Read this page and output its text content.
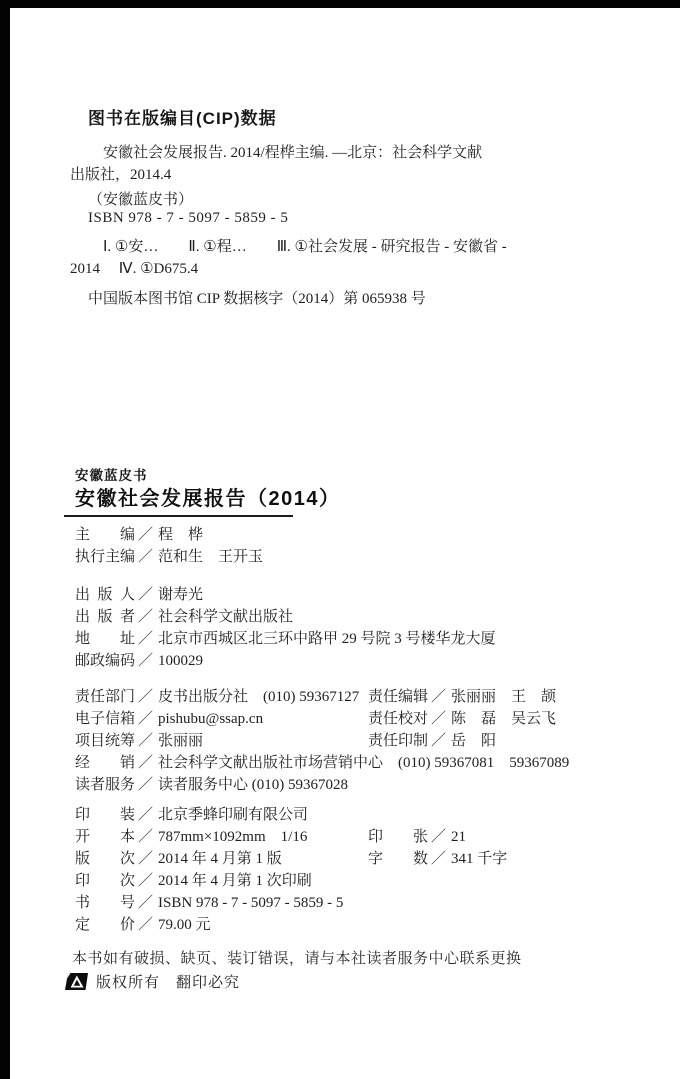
图书在版编目(CIP)数据
安徽社会发展报告. 2014/程桦主编. —北京：社会科学文献
出版社，2014.4
（安徽蓝皮书）
ISBN 978 - 7 - 5097 - 5859 - 5
Ⅰ. ①安…　　Ⅱ. ①程…　　Ⅲ. ①社会发展 - 研究报告 - 安徽省 -
2014　 Ⅳ. ①D675.4
中国版本图书馆 CIP 数据核字（2014）第 065938 号
安徽蓝皮书
安徽社会发展报告（2014）
主编 ／ 程　桦
执行主编 ／ 范和生　王开玉
出版人 ／ 谢寿光
出版者 ／ 社会科学文献出版社
地址 ／ 北京市西城区北三环中路甲 29 号院 3 号楼华龙大厦
邮政编码 ／ 100029
责任部门 ／ 皮书出版分社　(010) 59367127
电子信箱 ／ pishubu@ssap.cn
项目统筹 ／ 张丽丽
经销 ／ 社会科学文献出版社市场营销中心　(010) 59367081　59367089
读者服务 ／ 读者服务中心 (010) 59367028
责任编辑 ／ 张丽丽　王　颉
责任校对 ／ 陈　磊　吴云飞
责任印制 ／ 岳　阳
印装 ／ 北京季蜂印刷有限公司
开本 ／ 787mm×1092mm　1/16
版次 ／ 2014 年 4 月第 1 版
印次 ／ 2014 年 4 月第 1 次印刷
书号 ／ ISBN 978 - 7 - 5097 - 5859 - 5
定价 ／ 79.00 元
印张 ／ 21
字数 ／ 341 千字
本书如有破损、缺页、装订错误，请与本社读者服务中心联系更换
版权所有　翻印必究
